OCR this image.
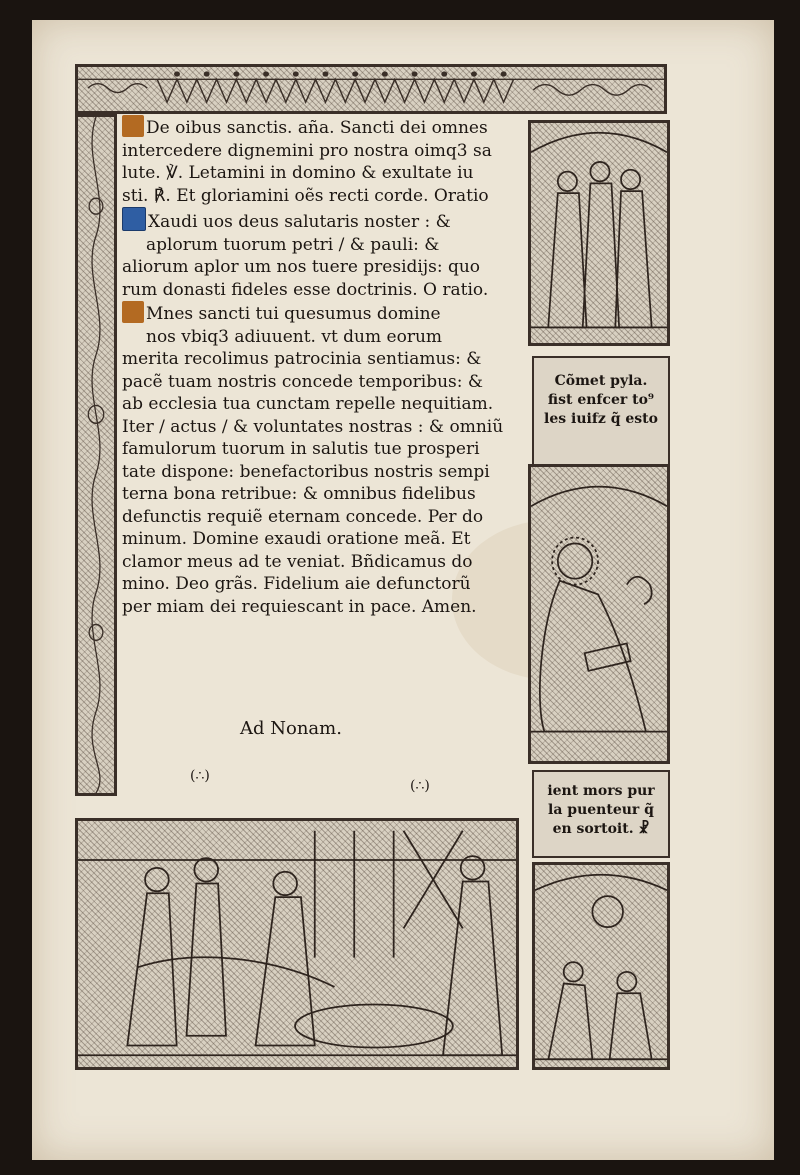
Cõmet pyla.
fist enfcer to⁹
les iuifz q̃ esto
ient mors pur
la puenteur q̃
en sortoit. ☧
De oibus sanctis. aña. Sancti dei omnes
intercedere dignemini pro nostra oimq3 sa
lute. ℣. Letamini in domino & exultate iu
sti. ℟. Et gloriamini oẽs recti corde. Oratio
Xaudi uos deus salutaris noster : &
aplorum tuorum petri / & pauli: &
aliorum aplor um nos tuere presidijs: quo
rum donasti fideles esse doctrinis. O ratio.
Mnes sancti tui quesumus domine
nos vbiq3 adiuuent. vt dum eorum
merita recolimus patrocinia sentiamus: &
pacẽ tuam nostris concede temporibus: &
ab ecclesia tua cunctam repelle nequitiam.
Iter / actus / & voluntates nostras : & omniũ
famulorum tuorum in salutis tue prosperi
tate dispone: benefactoribus nostris sempi
terna bona retribue: & omnibus fidelibus
defunctis requiẽ eternam concede. Per do
minum. Domine exaudi oratione meã. Et
clamor meus ad te veniat. Bñdicamus do
mino. Deo grãs. Fidelium aie defunctorũ
per miam dei requiescant in pace. Amen.
Ad Nonam.
(∴)
(∴)
